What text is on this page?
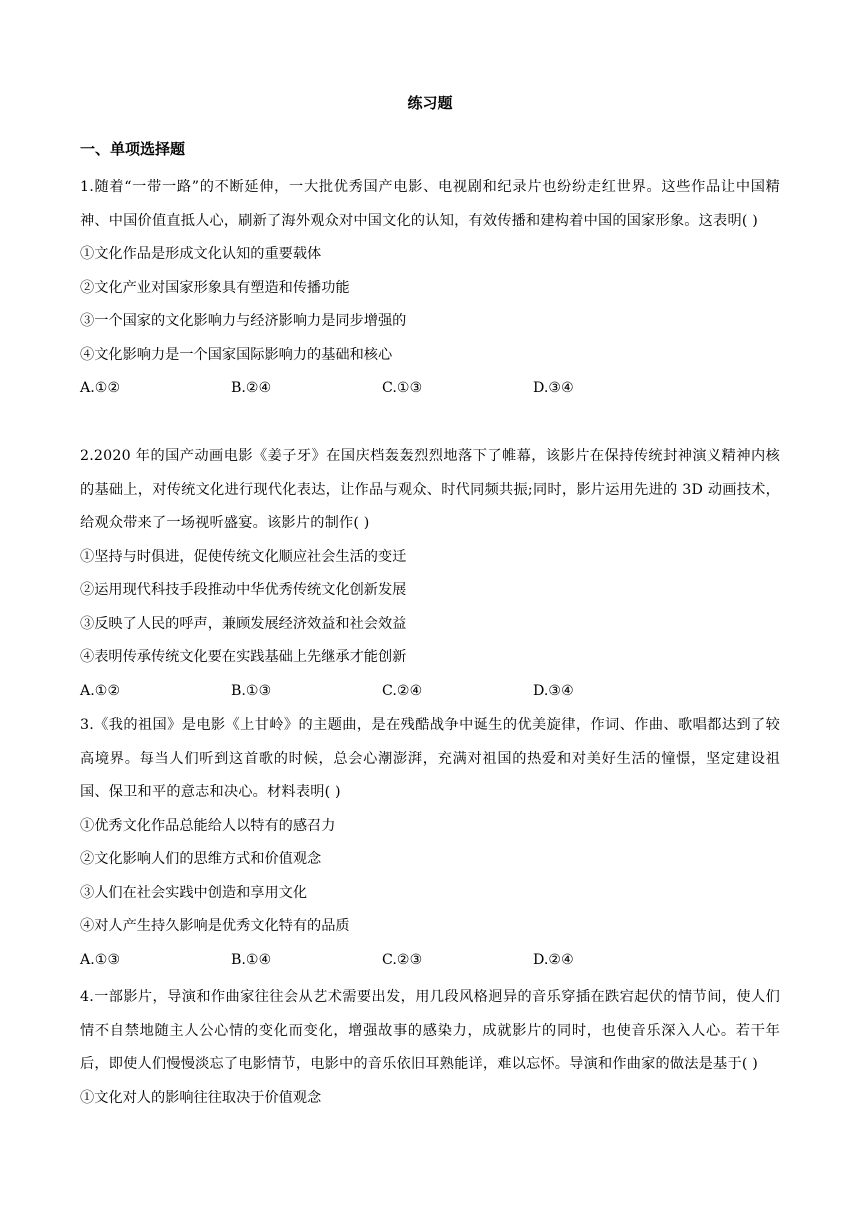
练习题
一、单项选择题

1.随着“一带一路”的不断延伸，一大批优秀国产电影、电视剧和纪录片也纷纷走红世界。这些作品让中国精神、中国价值直抵人心，刷新了海外观众对中国文化的认知，有效传播和建构着中国的国家形象。这表明( )

①文化作品是形成文化认知的重要载体

②文化产业对国家形象具有塑造和传播功能

③一个国家的文化影响力与经济影响力是同步增强的

④文化影响力是一个国家国际影响力的基础和核心

A.①②	B.②④	C.①③	D.③④

2.2020 年的国产动画电影《姜子牙》在国庆档轰轰烈烈地落下了帷幕，该影片在保持传统封神演义精神内核的基础上，对传统文化进行现代化表达，让作品与观众、时代同频共振;同时，影片运用先进的 3D 动画技术，给观众带来了一场视听盛宴。该影片的制作( )

①坚持与时俱进，促使传统文化顺应社会生活的变迁

②运用现代科技手段推动中华优秀传统文化创新发展

③反映了人民的呼声，兼顾发展经济效益和社会效益

④表明传承传统文化要在实践基础上先继承才能创新

A.①②	B.①③	C.②④	D.③④

3.《我的祖国》是电影《上甘岭》的主题曲，是在残酷战争中诞生的优美旋律，作词、作曲、歌唱都达到了较高境界。每当人们听到这首歌的时候，总会心潮澎湃，充满对祖国的热爱和对美好生活的憧憬，坚定建设祖国、保卫和平的意志和决心。材料表明( )

①优秀文化作品总能给人以特有的感召力

②文化影响人们的思维方式和价值观念

③人们在社会实践中创造和享用文化

④对人产生持久影响是优秀文化特有的品质

A.①③	B.①④	C.②③	D.②④

4.一部影片，导演和作曲家往往会从艺术需要出发，用几段风格迥异的音乐穿插在跌宕起伏的情节间，使人们情不自禁地随主人公心情的变化而变化，增强故事的感染力，成就影片的同时，也使音乐深入人心。若干年后，即使人们慢慢淡忘了电影情节，电影中的音乐依旧耳熟能详，难以忘怀。导演和作曲家的做法是基于( )

①文化对人的影响往往取决于价值观念
